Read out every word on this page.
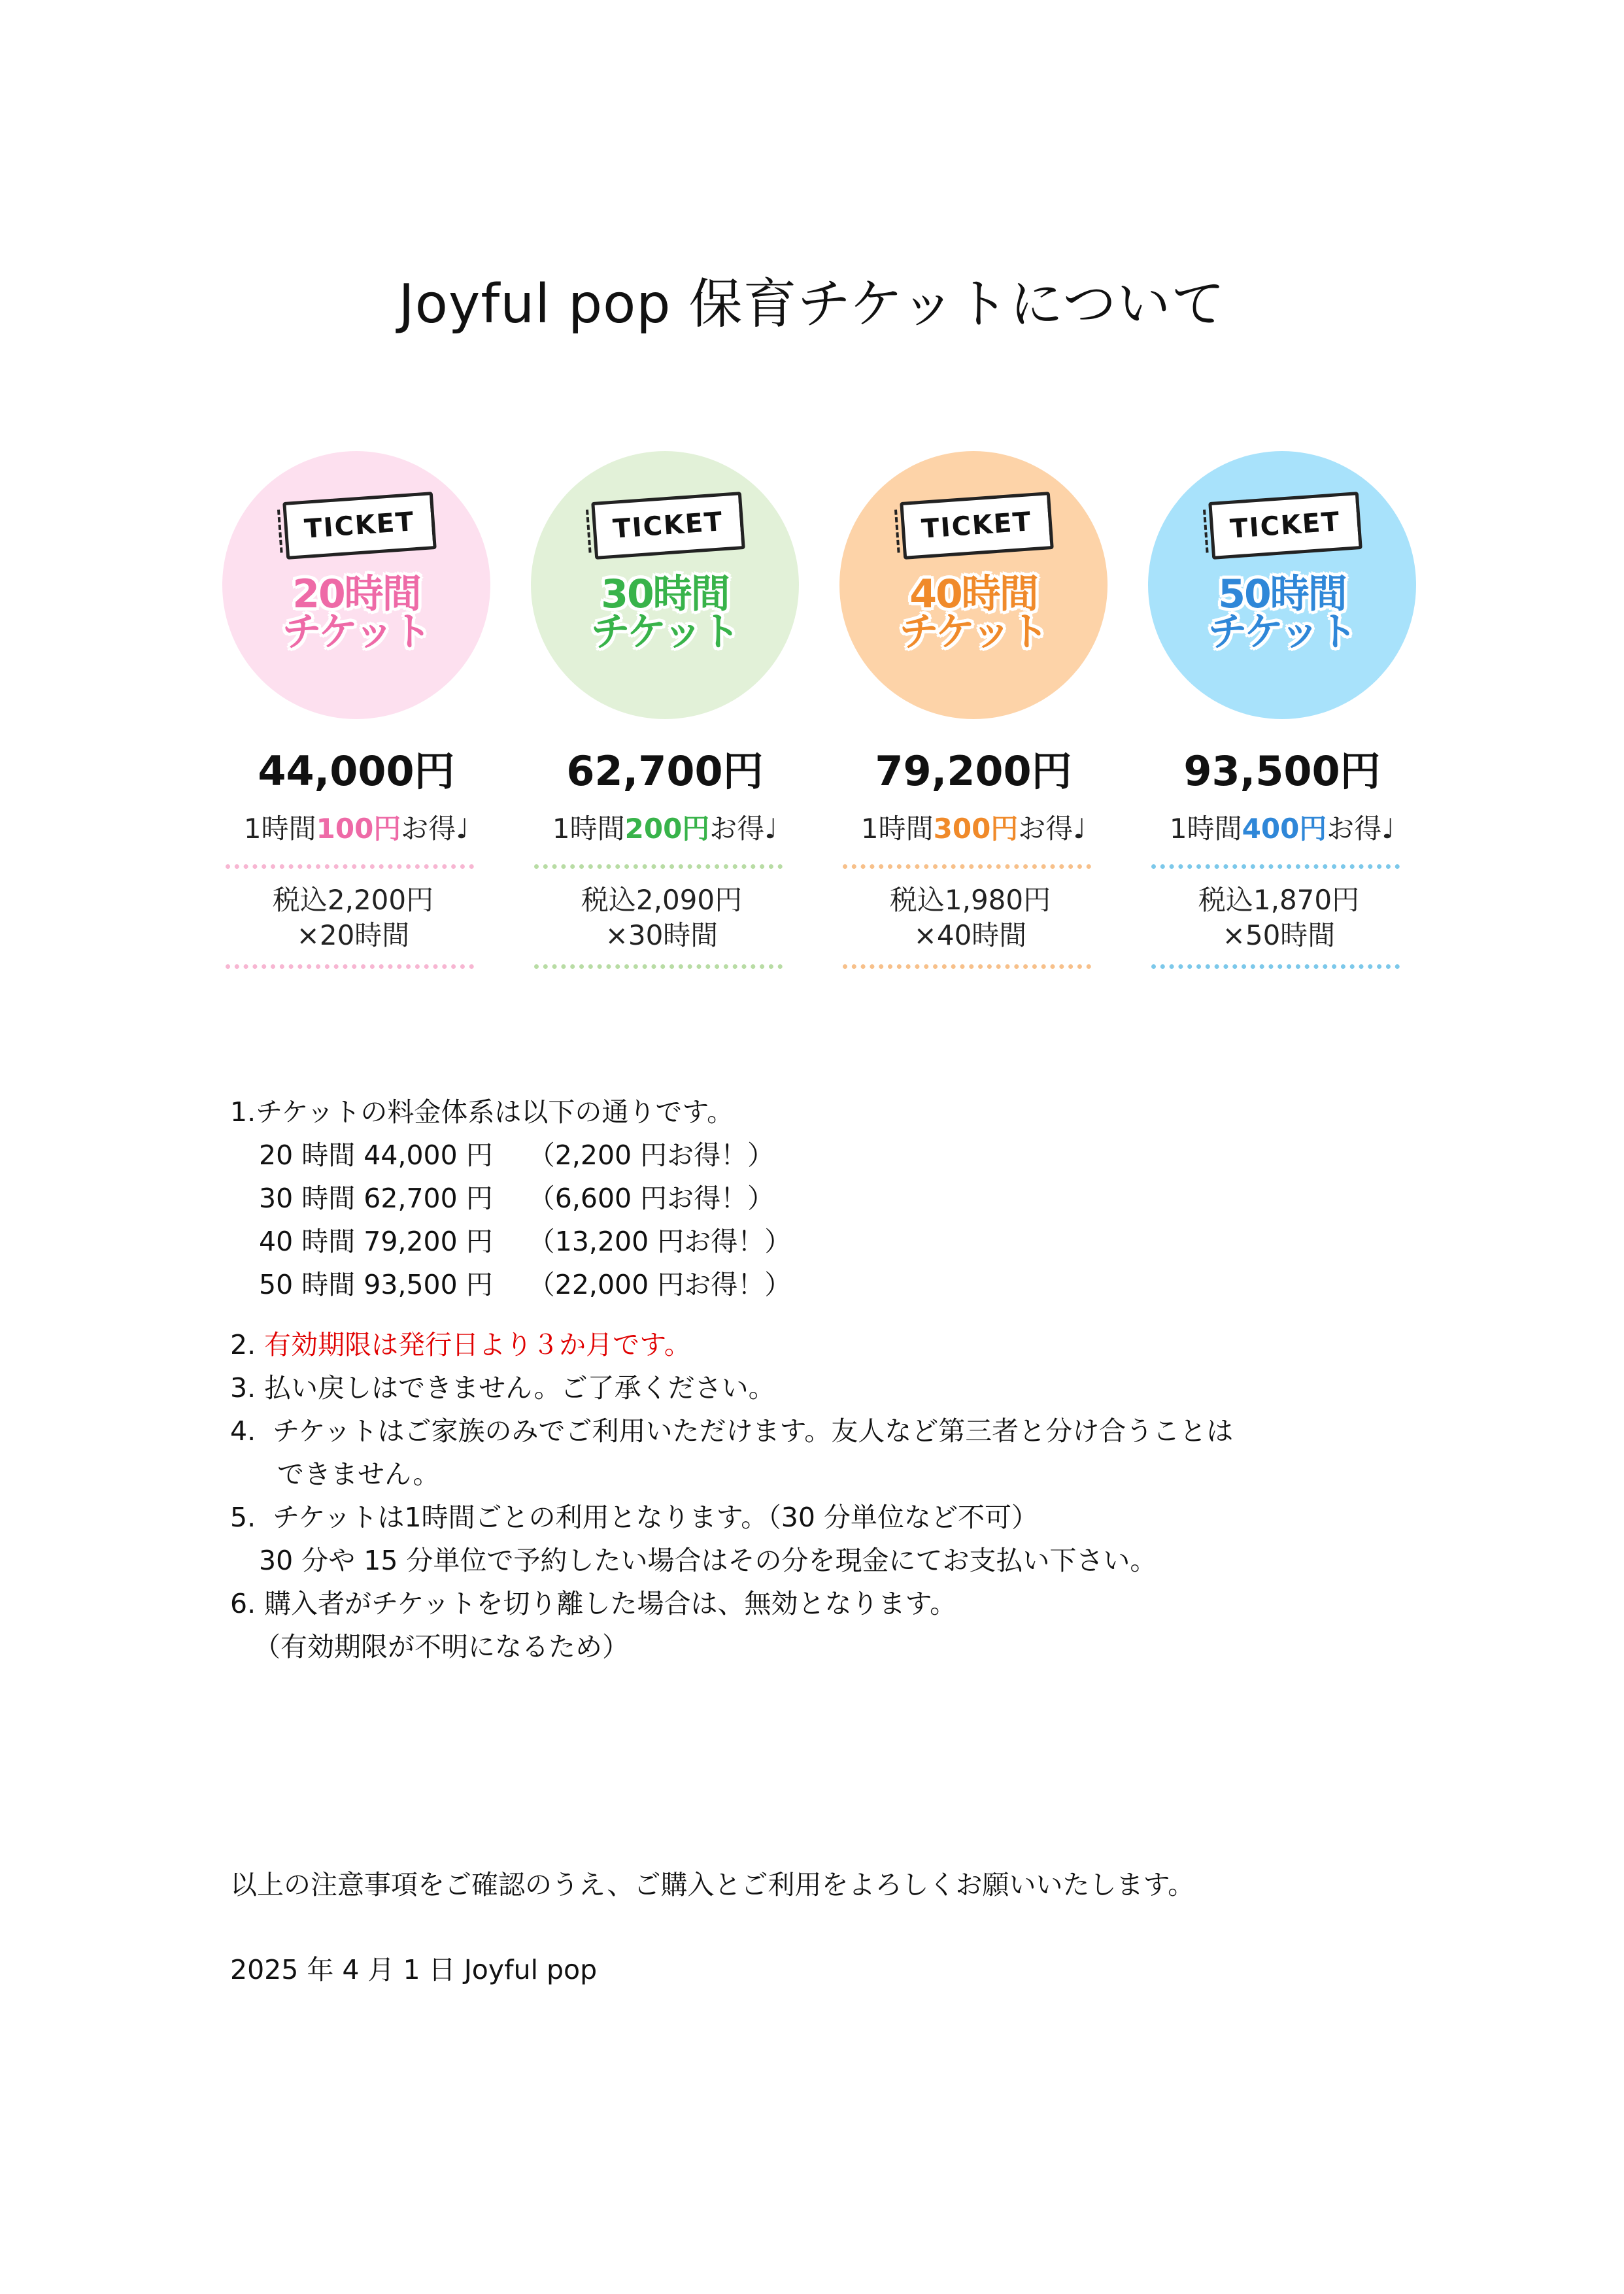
Joyful pop 保育チケットについて
TICKET
20時間
チケット
44,000円
1時間100円お得♩
税込2,200円
×20時間
TICKET
30時間
チケット
62,700円
1時間200円お得♩
税込2,090円
×30時間
TICKET
40時間
チケット
79,200円
1時間300円お得♩
税込1,980円
×40時間
TICKET
50時間
チケット
93,500円
1時間400円お得♩
税込1,870円
×50時間
1.チケットの料金体系は以下の通りです。
20 時間 44,000 円　 （2,200 円お得！）
30 時間 62,700 円　 （6,600 円お得！）
40 時間 79,200 円　 （13,200 円お得！）
50 時間 93,500 円　 （22,000 円お得！）
2. 有効期限は発行日より３か月です。
3. 払い戻しはできません。ご了承ください。
4.  チケットはご家族のみでご利用いただけます。友人など第三者と分け合うことは
できません。
5.  チケットは1時間ごとの利用となります。（30 分単位など不可）
30 分や 15 分単位で予約したい場合はその分を現金にてお支払い下さい。
6. 購入者がチケットを切り離した場合は、無効となります。
（有効期限が不明になるため）
以上の注意事項をご確認のうえ、ご購入とご利用をよろしくお願いいたします。
2025 年 4 月 1 日 Joyful pop
